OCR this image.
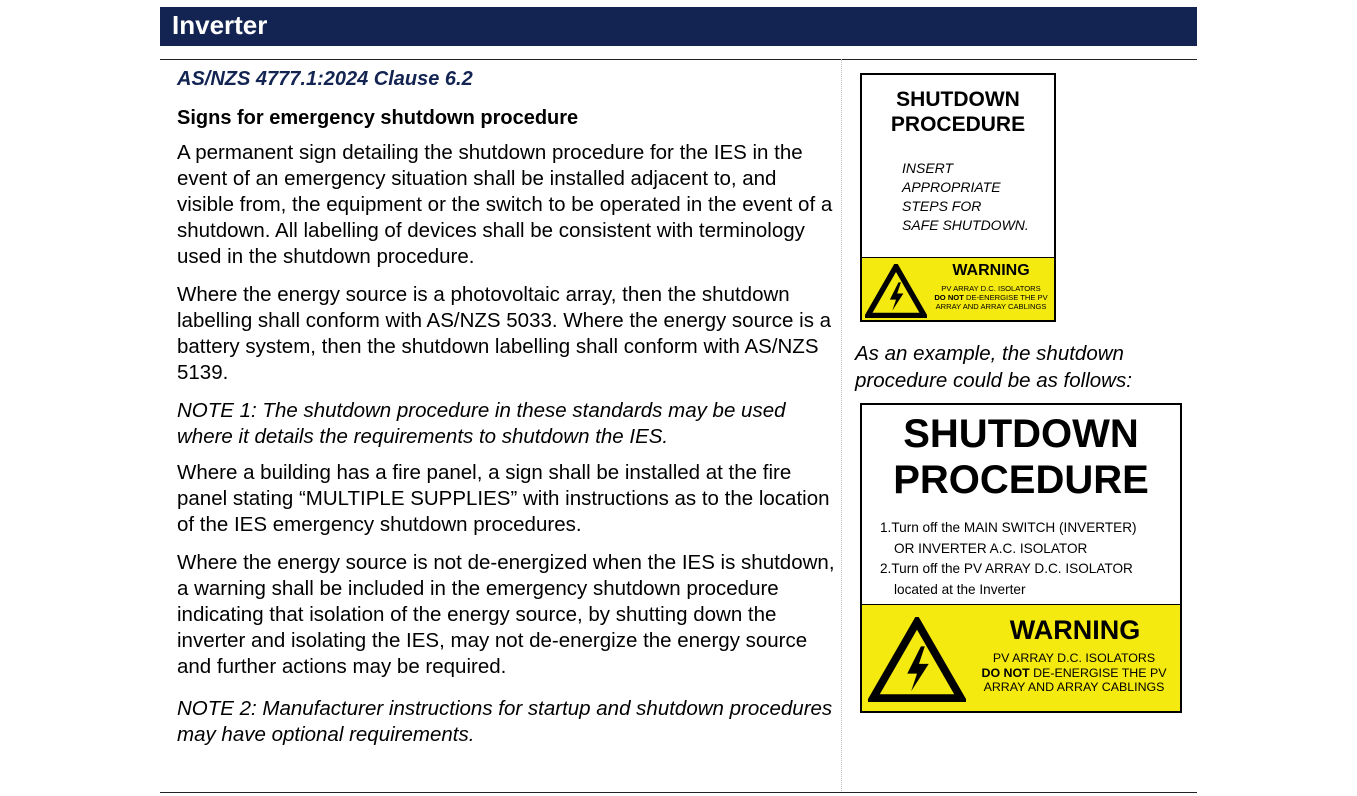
Inverter
AS/NZS 4777.1:2024 Clause 6.2
Signs for emergency shutdown procedure

A permanent sign detailing the shutdown procedure for the IES in the event of an emergency situation shall be installed adjacent to, and visible from, the equipment or the switch to be operated in the event of a shutdown. All labelling of devices shall be consistent with terminology used in the shutdown procedure.

Where the energy source is a photovoltaic array, then the shutdown labelling shall conform with AS/NZS 5033. Where the energy source is a battery system, then the shutdown labelling shall conform with AS/NZS 5139.

NOTE 1: The shutdown procedure in these standards may be used where it details the requirements to shutdown the IES.

Where a building has a fire panel, a sign shall be installed at the fire panel stating “MULTIPLE SUPPLIES” with instructions as to the location of the IES emergency shutdown procedures.

Where the energy source is not de-energized when the IES is shutdown, a warning shall be included in the emergency shutdown procedure indicating that isolation of the energy source, by shutting down the inverter and isolating the IES, may not de-energize the energy source and further actions may be required.

NOTE 2: Manufacturer instructions for startup and shutdown procedures may have optional requirements.

SHUTDOWN
PROCEDURE
INSERT
APPROPRIATE
STEPS FOR
SAFE SHUTDOWN.
WARNING
PV ARRAY D.C. ISOLATORS
DO NOT DE-ENERGISE THE PV
ARRAY AND ARRAY CABLINGS
As an example, the shutdown procedure could be as follows:
SHUTDOWN
PROCEDURE
1.Turn off the MAIN SWITCH (INVERTER)
OR INVERTER A.C. ISOLATOR
2.Turn off the PV ARRAY D.C. ISOLATOR
located at the Inverter
WARNING
PV ARRAY D.C. ISOLATORS
DO NOT DE-ENERGISE THE PV
ARRAY AND ARRAY CABLINGS
